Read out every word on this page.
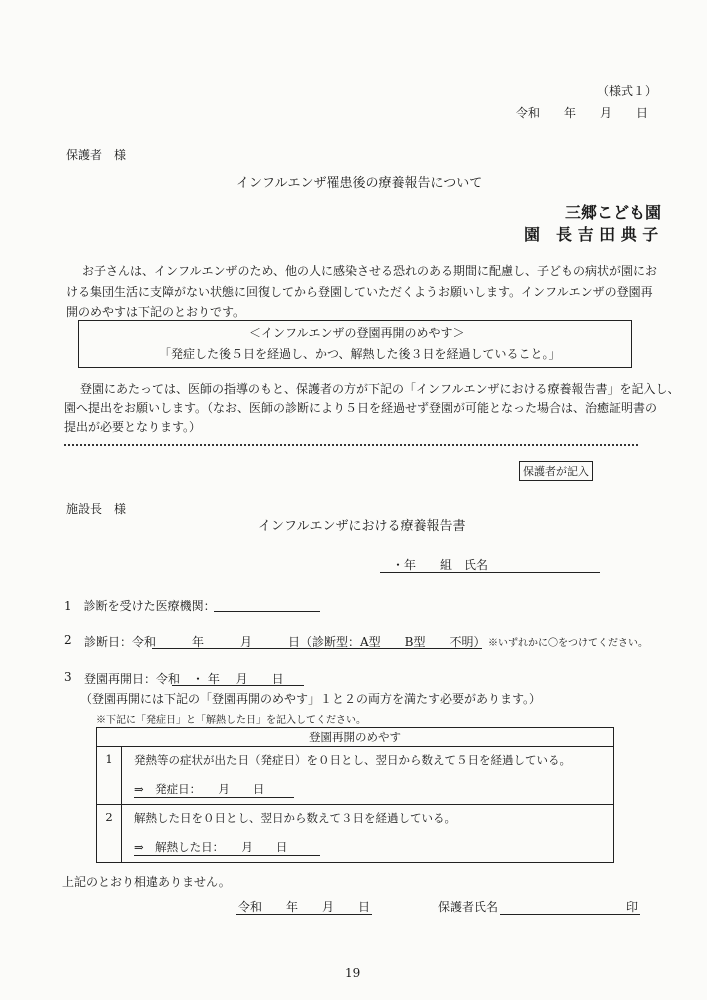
（様式１）
令和　　年　　月　　日
保護者　様
インフルエンザ罹患後の療養報告について
三郷こども園
園　長 吉 田 典 子
お子さんは、インフルエンザのため、他の人に感染させる恐れのある期間に配慮し、子どもの病状が園にお
ける集団生活に支障がない状態に回復してから登園していただくようお願いします。インフルエンザの登園再
開のめやすは下記のとおりです。
＜インフルエンザの登園再開のめやす＞
「発症した後５日を経過し、かつ、解熱した後３日を経過していること。」
登園にあたっては、医師の指導のもと、保護者の方が下記の「インフルエンザにおける療養報告書」を記入し、
園へ提出をお願いします。（なお、医師の診断により５日を経過せず登園が可能となった場合は、治癒証明書の
提出が必要となります。）
保護者が記入
施設長　様
インフルエンザにおける療養報告書
・年　　組　氏名
1　診断を受けた医療機関：
2 診断日：令和　　　年　　　月　　　日（診断型：A型　　B型　　不明） ※いずれかに〇をつけてください。
3 登園再開日：令和　・ 年　 月　　日
（登園再開には下記の「登園再開のめやす」１と２の両方を満たす必要があります。）
※下記に「発症日」と「解熱した日」を記入してください。
登園再開のめやす	
1	発熱等の症状が出た日（発症日）を０日とし、翌日から数えて５日を経過している。
⇒　発症日：　　月　　日
2	解熱した日を０日とし、翌日から数えて３日を経過している。
⇒　解熱した日：　　月　　日
上記のとおり相違ありません。
令和　　年　　月　　日	保護者氏名	印
19
